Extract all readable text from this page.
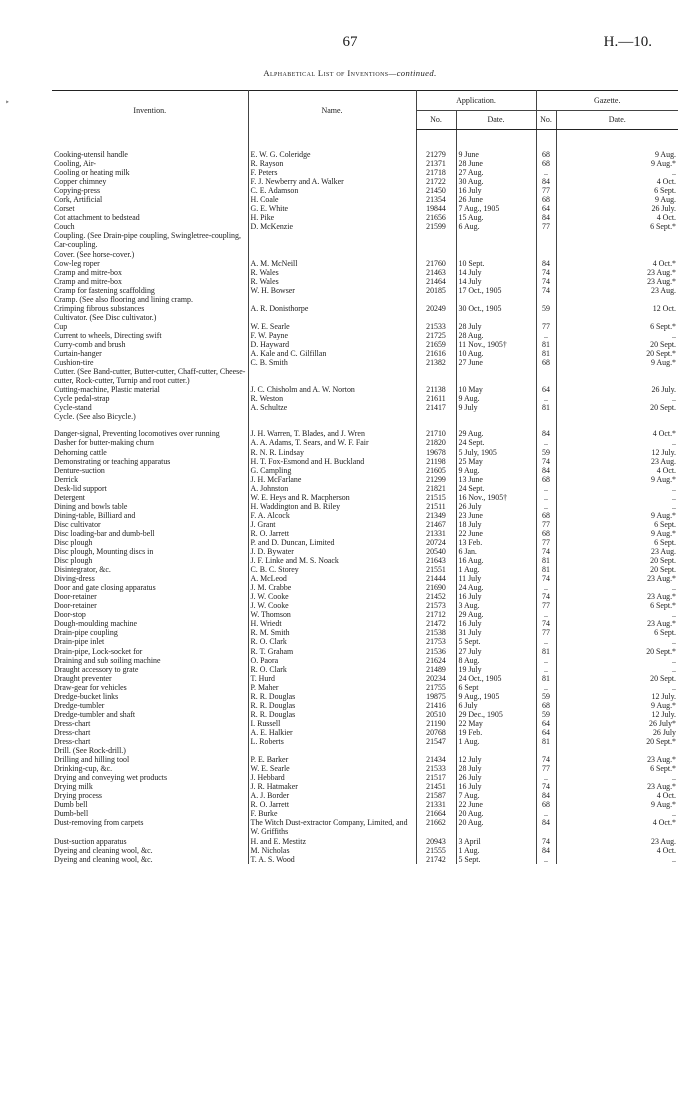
67	H.—10.
Alphabetical List of Inventions—continued.
‣
Invention.	Name.	Application.		Gazette.	
		No.	Date.	No.	Date.
Cooking-utensil handle	E. W. G. Coleridge	21279	9 June	68	9 Aug.
Cooling, Air-	R. Rayson	21371	28 June	68	9 Aug.*
Cooling or heating milk	F. Peters	21718	27 Aug.	..	..
Copper chimney	F. J. Newberry and A. Walker	21722	30 Aug.	84	4 Oct.
Copying-press	C. E. Adamson	21450	16 July	77	6 Sept.
Cork, Artificial	H. Coale	21354	26 June	68	9 Aug.
Corset	G. E. White	19844	7 Aug., 1905	64	26 July.
Cot attachment to bedstead	H. Pike	21656	15 Aug.	84	4 Oct.
Couch	D. McKenzie	21599	6 Aug.	77	6 Sept.*
Coupling. (See Drain-pipe coupling, Swingletree-coupling, Car-coupling.					
Cover. (See horse-cover.)					
Cow-leg roper	A. M. McNeill	21760	10 Sept.	84	4 Oct.*
Cramp and mitre-box	R. Wales	21463	14 July	74	23 Aug.*
Cramp and mitre-box	R. Wales	21464	14 July	74	23 Aug.*
Cramp for fastening scaffolding	W. H. Bowser	20185	17 Oct., 1905	74	23 Aug.
Cramp. (See also flooring and lining cramp.					
Crimping fibrous substances	A. R. Donisthorpe	20249	30 Oct., 1905	59	12 Oct.
Cultivator. (See Disc cultivator.)					
Cup	W. E. Searle	21533	28 July	77	6 Sept.*
Current to wheels, Directing swift	F. W. Payne	21725	28 Aug.	..	..
Curry-comb and brush	D. Hayward	21659	11 Nov., 1905†	81	20 Sept.
Curtain-hanger	A. Kale and C. Gilfillan	21616	10 Aug.	81	20 Sept.*
Cushion-tire	C. B. Smith	21382	27 June	68	9 Aug.*
Cutter. (See Band-cutter, Butter-cutter, Chaff-cutter, Cheese-cutter, Rock-cutter, Turnip and root cutter.)					
Cutting-machine, Plastic material	J. C. Chisholm and A. W. Norton	21138	10 May	64	26 July.
Cycle pedal-strap	R. Weston	21611	9 Aug.	..	..
Cycle-stand	A. Schultze	21417	9 July	81	20 Sept.
Cycle. (See also Bicycle.)					
Danger-signal, Preventing locomotives over running	J. H. Warren, T. Blades, and J. Wren	21710	29 Aug.	84	4 Oct.*
Dasher for butter-making churn	A. A. Adams, T. Sears, and W. F. Fair	21820	24 Sept.	..	..
Dehorning cattle	R. N. R. Lindsay	19678	5 July, 1905	59	12 July.
Demonstrating or teaching apparatus	H. T. Fox-Esmond and H. Buckland	21198	25 May	74	23 Aug.
Denture-suction	G. Campling	21605	9 Aug.	84	4 Oct.
Derrick	J. H. McFarlane	21299	13 June	68	9 Aug.*
Desk-lid support	A. Johnston	21821	24 Sept.	..	..
Detergent	W. E. Heys and R. Macpherson	21515	16 Nov., 1905†	..	..
Dining and bowls table	H. Waddington and B. Riley	21511	26 July	..	..
Dining-table, Billiard and	F. A. Alcock	21349	23 June	68	9 Aug.*
Disc cultivator	J. Grant	21467	18 July	77	6 Sept.
Disc loading-bar and dumb-bell	R. O. Jarrett	21331	22 June	68	9 Aug.*
Disc plough	P. and D. Duncan, Limited	20724	13 Feb.	77	6 Sept.
Disc plough, Mounting discs in	J. D. Bywater	20540	6 Jan.	74	23 Aug.
Disc plough	J. F. Linke and M. S. Noack	21643	16 Aug.	81	20 Sept.
Disintegrator, &c.	C. B. C. Storey	21551	1 Aug.	81	20 Sept.
Diving-dress	A. McLeod	21444	11 July	74	23 Aug.*
Door and gate closing apparatus	J. M. Crabbe	21690	24 Aug.	..	..
Door-retainer	J. W. Cooke	21452	16 July	74	23 Aug.*
Door-retainer	J. W. Cooke	21573	3 Aug.	77	6 Sept.*
Door-stop	W. Thomson	21712	29 Aug.	..	..
Dough-moulding machine	H. Wriedt	21472	16 July	74	23 Aug.*
Drain-pipe coupling	R. M. Smith	21538	31 July	77	6 Sept.
Drain-pipe inlet	R. O. Clark	21753	5 Sept.	..	..
Drain-pipe, Lock-socket for	R. T. Graham	21536	27 July	81	20 Sept.*
Draining and sub soiling machine	O. Paora	21624	8 Aug.	..	..
Draught accessory to grate	R. O. Clark	21489	19 July	..	..
Draught preventer	T. Hurd	20234	24 Oct., 1905	81	20 Sept.
Draw-gear for vehicles	P. Maher	21755	6 Sept	..	..
Dredge-bucket links	R. R. Douglas	19875	9 Aug., 1905	59	12 July.
Dredge-tumbler	R. R. Douglas	21416	6 July	68	9 Aug.*
Dredge-tumbler and shaft	R. R. Douglas	20510	29 Dec., 1905	59	12 July.
Dress-chart	I. Russell	21190	22 May	64	26 July*
Dress-chart	A. E. Halkier	20768	19 Feb.	64	26 July
Dress-chart	L. Roberts	21547	1 Aug.	81	20 Sept.*
Drill. (See Rock-drill.)					
Drilling and hilling tool	P. E. Barker	21434	12 July	74	23 Aug.*
Drinking-cup, &c.	W. E. Searle	21533	28 July	77	6 Sept.*
Drying and conveying wet products	J. Hebbard	21517	26 July	..	..
Drying milk	J. R. Hatmaker	21451	16 July	74	23 Aug.*
Drying process	A. J. Border	21587	7 Aug.	84	4 Oct.
Dumb bell	R. O. Jarrett	21331	22 June	68	9 Aug.*
Dumb-bell	F. Burke	21664	20 Aug.	..	..
Dust-removing from carpets	The Witch Dust-extractor Company, Limited, and W. Griffiths	21662	20 Aug.	84	4 Oct.*
Dust-suction apparatus	H. and E. Mestitz	20943	3 April	74	23 Aug.
Dyeing and cleaning wool, &c.	M. Nicholas	21555	1 Aug.	84	4 Oct.
Dyeing and cleaning wool, &c.	T. A. S. Wood	21742	5 Sept.	..	..
